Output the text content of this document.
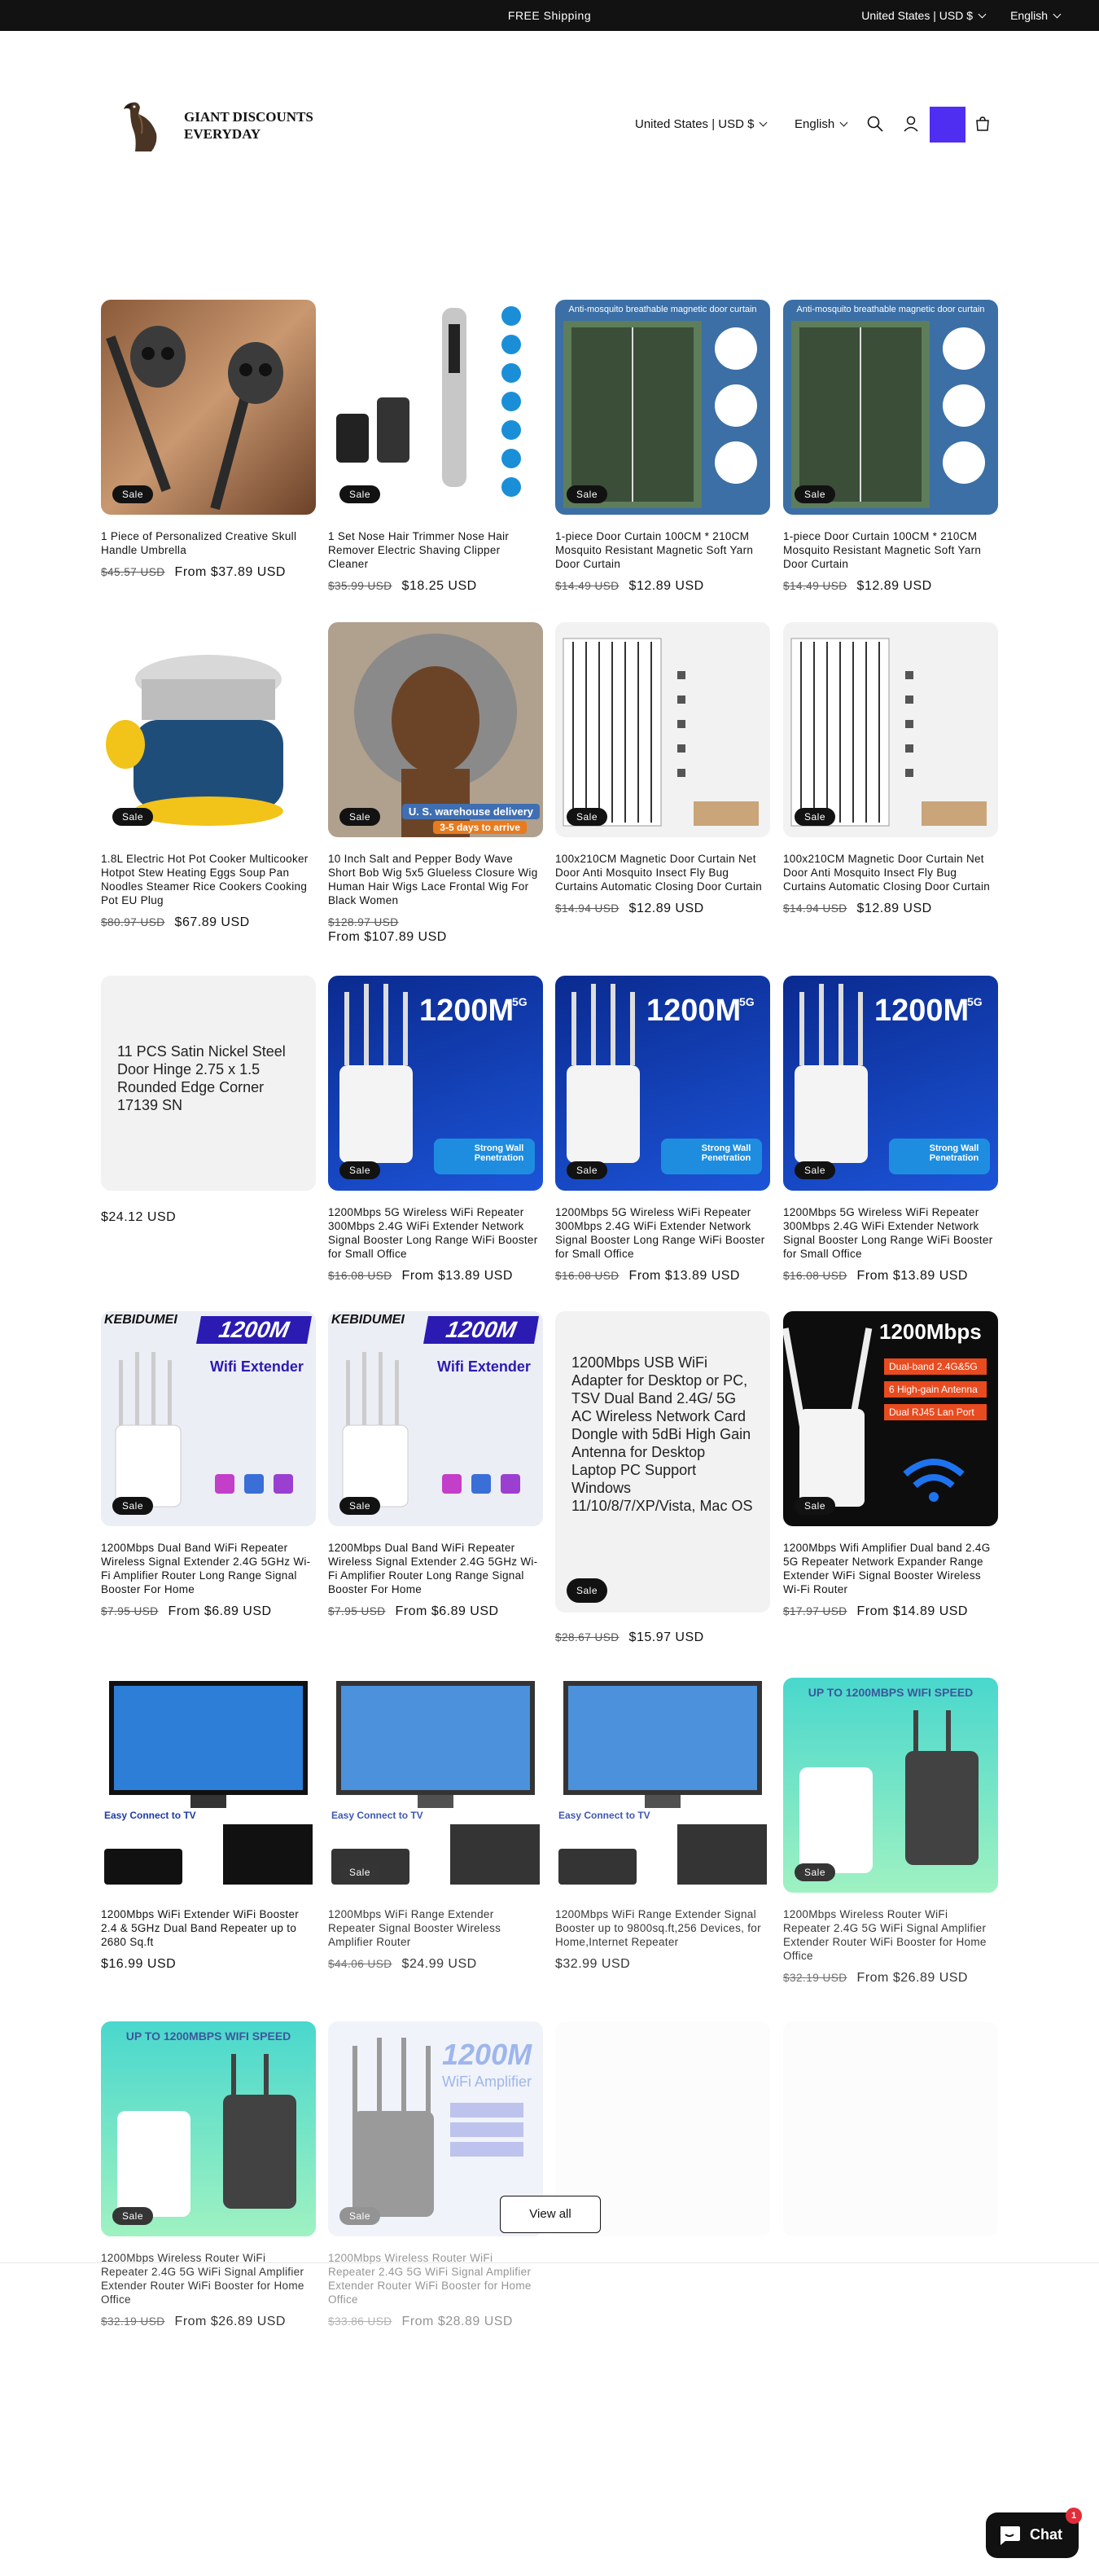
FREE Shipping	United States | USD $	English
GIANT DISCOUNTS
EVERYDAY
United States | USD $	English
Sale
1 Piece of Personalized Creative Skull Handle Umbrella
$45.57 USD From $37.89 USD
Sale
1 Set Nose Hair Trimmer Nose Hair Remover Electric Shaving Clipper Cleaner
$35.99 USD $18.25 USD
Anti-mosquito breathable magnetic door curtain
Sale
1-piece Door Curtain 100CM * 210CM Mosquito Resistant Magnetic Soft Yarn Door Curtain
$14.49 USD $12.89 USD
Anti-mosquito breathable magnetic door curtain
Sale
1-piece Door Curtain 100CM * 210CM Mosquito Resistant Magnetic Soft Yarn Door Curtain
$14.49 USD $12.89 USD
Sale
1.8L Electric Hot Pot Cooker Multicooker Hotpot Stew Heating Eggs Soup Pan Noodles Steamer Rice Cookers Cooking Pot EU Plug
$80.97 USD $67.89 USD
U. S. warehouse delivery
3-5 days to arrive
Sale
10 Inch Salt and Pepper Body Wave Short Bob Wig 5x5 Glueless Closure Wig Human Hair Wigs Lace Frontal Wig For Black Women
$128.97 USD
From $107.89 USD
Sale
100x210CM Magnetic Door Curtain Net Door Anti Mosquito Insect Fly Bug Curtains Automatic Closing Door Curtain
$14.94 USD $12.89 USD
Sale
100x210CM Magnetic Door Curtain Net Door Anti Mosquito Insect Fly Bug Curtains Automatic Closing Door Curtain
$14.94 USD $12.89 USD
11 PCS Satin Nickel Steel Door Hinge 2.75 x 1.5 Rounded Edge Corner 17139 SN
$24.12 USD
1200M
5G
Strong Wall Penetration
Sale
1200Mbps 5G Wireless WiFi Repeater 300Mbps 2.4G WiFi Extender Network Signal Booster Long Range WiFi Booster for Small Office
$16.08 USD From $13.89 USD
1200M
5G
Strong Wall Penetration
Sale
1200Mbps 5G Wireless WiFi Repeater 300Mbps 2.4G WiFi Extender Network Signal Booster Long Range WiFi Booster for Small Office
$16.08 USD From $13.89 USD
1200M
5G
Strong Wall Penetration
Sale
1200Mbps 5G Wireless WiFi Repeater 300Mbps 2.4G WiFi Extender Network Signal Booster Long Range WiFi Booster for Small Office
$16.08 USD From $13.89 USD
KEBIDUMEI	1200M
Wifi Extender
Sale
1200Mbps Dual Band WiFi Repeater Wireless Signal Extender 2.4G 5GHz Wi-Fi Amplifier Router Long Range Signal Booster For Home
$7.95 USD From $6.89 USD
KEBIDUMEI	1200M
Wifi Extender
Sale
1200Mbps Dual Band WiFi Repeater Wireless Signal Extender 2.4G 5GHz Wi-Fi Amplifier Router Long Range Signal Booster For Home
$7.95 USD From $6.89 USD
1200Mbps USB WiFi Adapter for Desktop or PC, TSV Dual Band 2.4G/ 5G AC Wireless Network Card Dongle with 5dBi High Gain Antenna for Desktop Laptop PC Support Windows 11/10/8/7/XP/Vista, Mac OS
Sale
$28.67 USD $15.97 USD
1200Mbps
Dual-band 2.4G&5G
6 High-gain Antenna
Dual RJ45 Lan Port
Sale
1200Mbps Wifi Amplifier Dual band 2.4G 5G Repeater Network Expander Range Extender WiFi Signal Booster Wireless Wi-Fi Router
$17.97 USD From $14.89 USD
Easy Connect to TV
1200Mbps WiFi Extender WiFi Booster 2.4 & 5GHz Dual Band Repeater up to 2680 Sq.ft
$16.99 USD
Easy Connect to TV
Sale
1200Mbps WiFi Range Extender Repeater Signal Booster Wireless Amplifier Router
$44.06 USD $24.99 USD
Easy Connect to TV
1200Mbps WiFi Range Extender Signal Booster up to 9800sq.ft,256 Devices, for Home,Internet Repeater
$32.99 USD
UP TO 1200MBPS WIFI SPEED
Sale
1200Mbps Wireless Router WiFi Repeater 2.4G 5G WiFi Signal Amplifier Extender Router WiFi Booster for Home Office
$32.19 USD From $26.89 USD
UP TO 1200MBPS WIFI SPEED
Sale
1200Mbps Wireless Router WiFi Repeater 2.4G 5G WiFi Signal Amplifier Extender Router WiFi Booster for Home Office
$32.19 USD From $26.89 USD
1200M
WiFi Amplifier
Sale
1200Mbps Wireless Router WiFi Repeater 2.4G 5G WiFi Signal Amplifier Extender Router WiFi Booster for Home Office
$33.86 USD From $28.89 USD
View all
Chat
1
